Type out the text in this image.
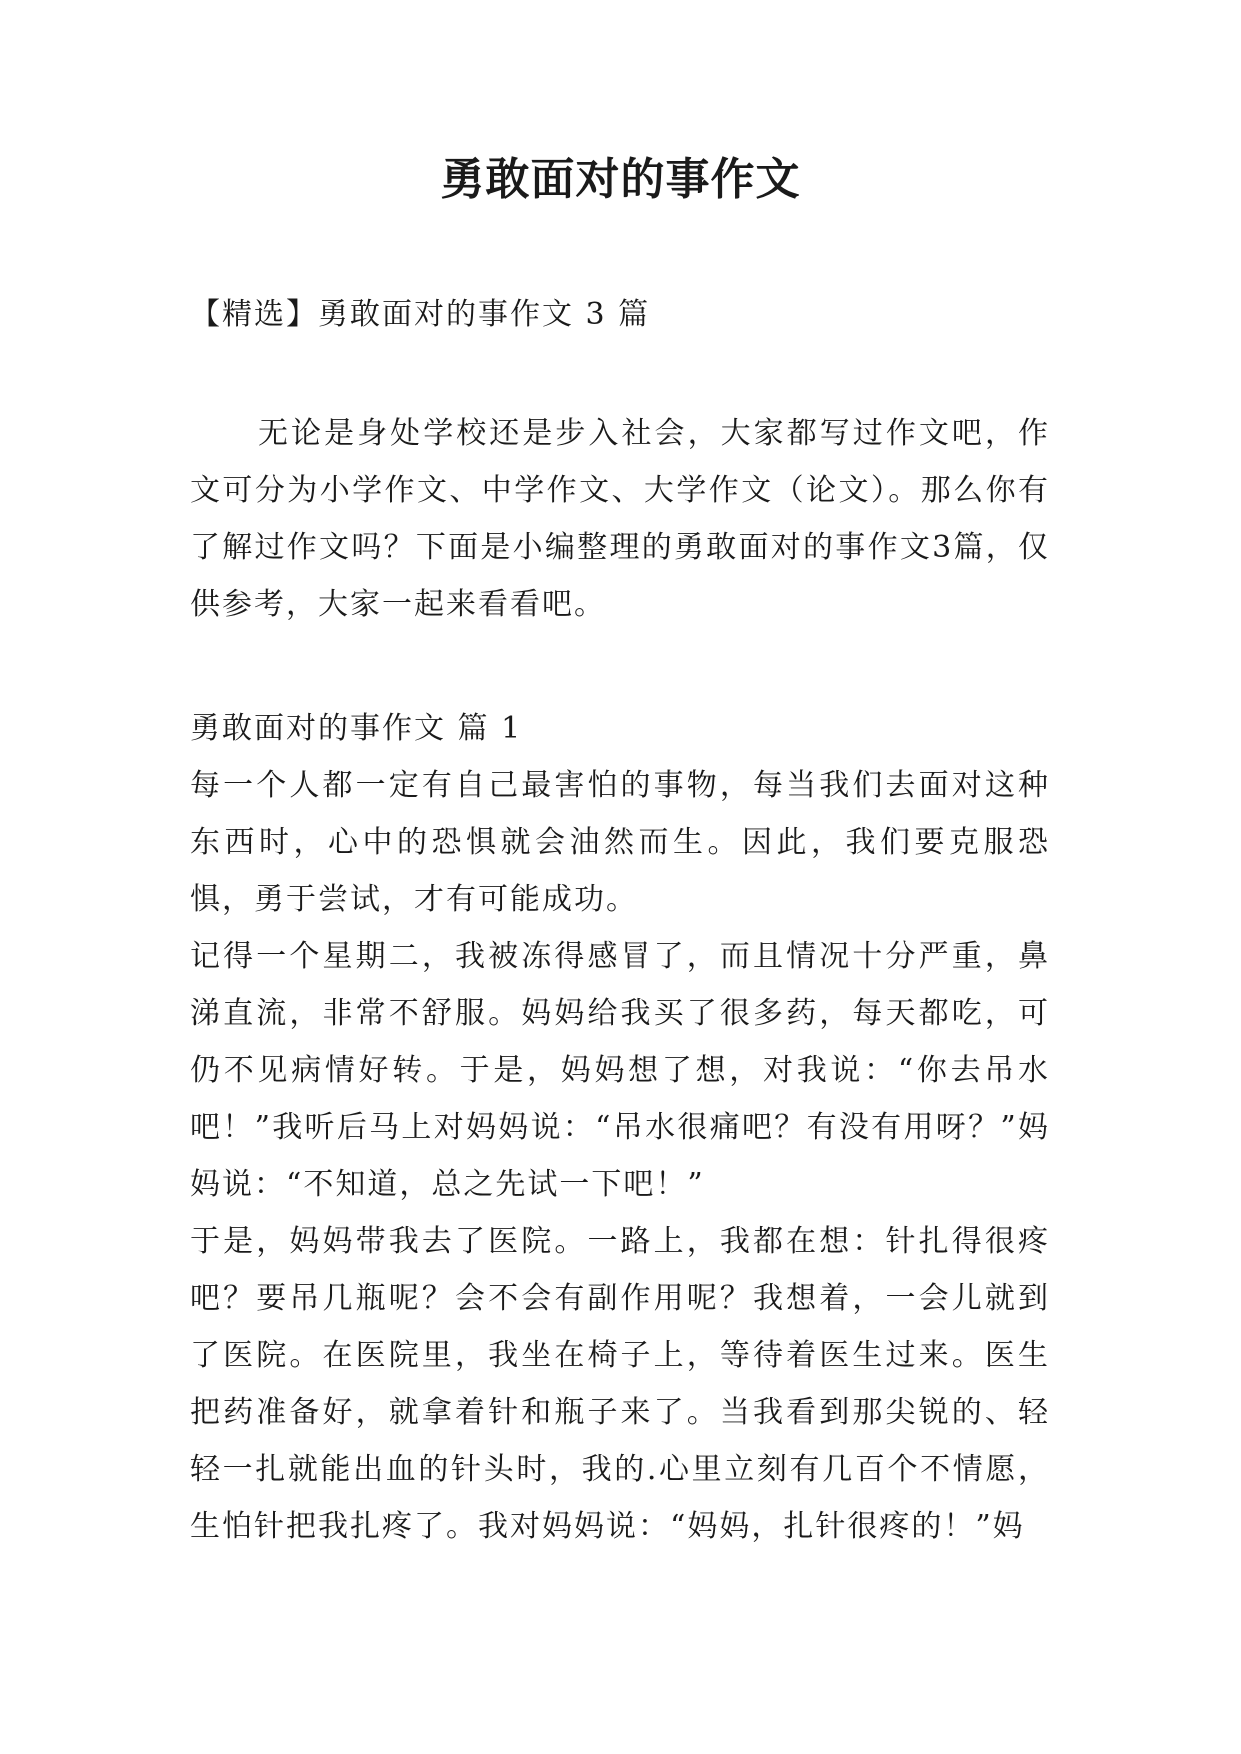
勇敢面对的事作文
【精选】勇敢面对的事作文 3 篇
无论是身处学校还是步入社会，大家都写过作文吧，作文可分为小学作文、中学作文、大学作文（论文）。那么你有了解过作文吗？下面是小编整理的勇敢面对的事作文3篇，仅供参考，大家一起来看看吧。
勇敢面对的事作文 篇 1

每一个人都一定有自己最害怕的事物，每当我们去面对这种东西时，心中的恐惧就会油然而生。因此，我们要克服恐惧，勇于尝试，才有可能成功。

记得一个星期二，我被冻得感冒了，而且情况十分严重，鼻涕直流，非常不舒服。妈妈给我买了很多药，每天都吃，可仍不见病情好转。于是，妈妈想了想，对我说：“你去吊水吧！”我听后马上对妈妈说：“吊水很痛吧？有没有用呀？”妈妈说：“不知道，总之先试一下吧！”

于是，妈妈带我去了医院。一路上，我都在想：针扎得很疼吧？要吊几瓶呢？会不会有副作用呢？我想着，一会儿就到了医院。在医院里，我坐在椅子上，等待着医生过来。医生把药准备好，就拿着针和瓶子来了。当我看到那尖锐的、轻轻一扎就能出血的针头时，我的.心里立刻有几百个不情愿，生怕针把我扎疼了。我对妈妈说：“妈妈，扎针很疼的！”妈
